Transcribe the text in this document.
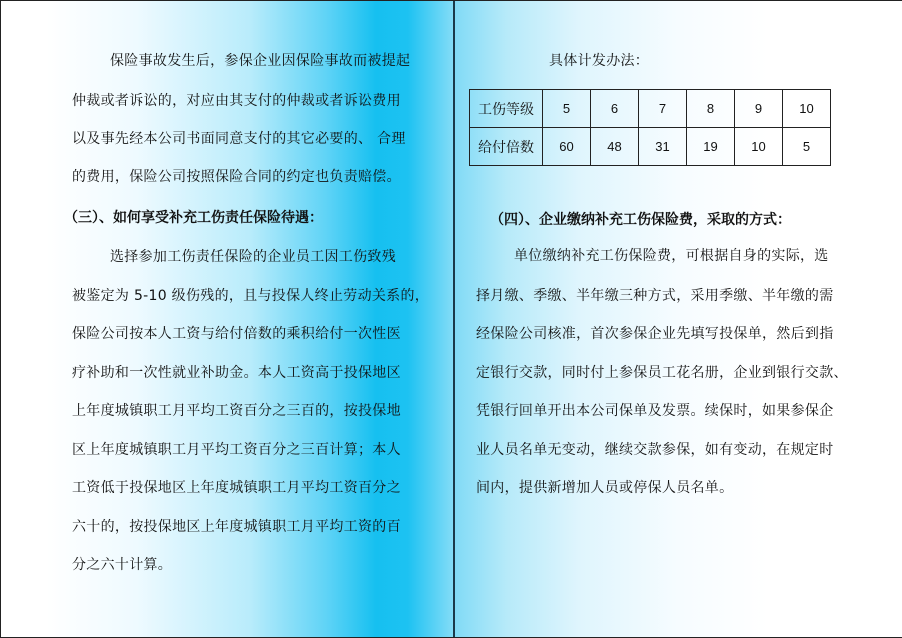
保险事故发生后，参保企业因保险事故而被提起

仲裁或者诉讼的，对应由其支付的仲裁或者诉讼费用

以及事先经本公司书面同意支付的其它必要的、 合理

的费用，保险公司按照保险合同的约定也负责赔偿。

（三）、如何享受补充工伤责任保险待遇：

选择参加工伤责任保险的企业员工因工伤致残

被鉴定为 5-10 级伤残的，且与投保人终止劳动关系的，

保险公司按本人工资与给付倍数的乘积给付一次性医

疗补助和一次性就业补助金。本人工资高于投保地区

上年度城镇职工月平均工资百分之三百的，按投保地

区上年度城镇职工月平均工资百分之三百计算；本人

工资低于投保地区上年度城镇职工月平均工资百分之

六十的，按投保地区上年度城镇职工月平均工资的百

分之六十计算。

具体计发办法：

工伤等级	5	6	7	8	9	10
给付倍数	60	48	31	19	10	5
（四）、企业缴纳补充工伤保险费，采取的方式：

单位缴纳补充工伤保险费，可根据自身的实际，选

择月缴、季缴、半年缴三种方式，采用季缴、半年缴的需

经保险公司核准，首次参保企业先填写投保单，然后到指

定银行交款，同时付上参保员工花名册，企业到银行交款、

凭银行回单开出本公司保单及发票。续保时，如果参保企

业人员名单无变动，继续交款参保，如有变动，在规定时

间内，提供新增加人员或停保人员名单。
